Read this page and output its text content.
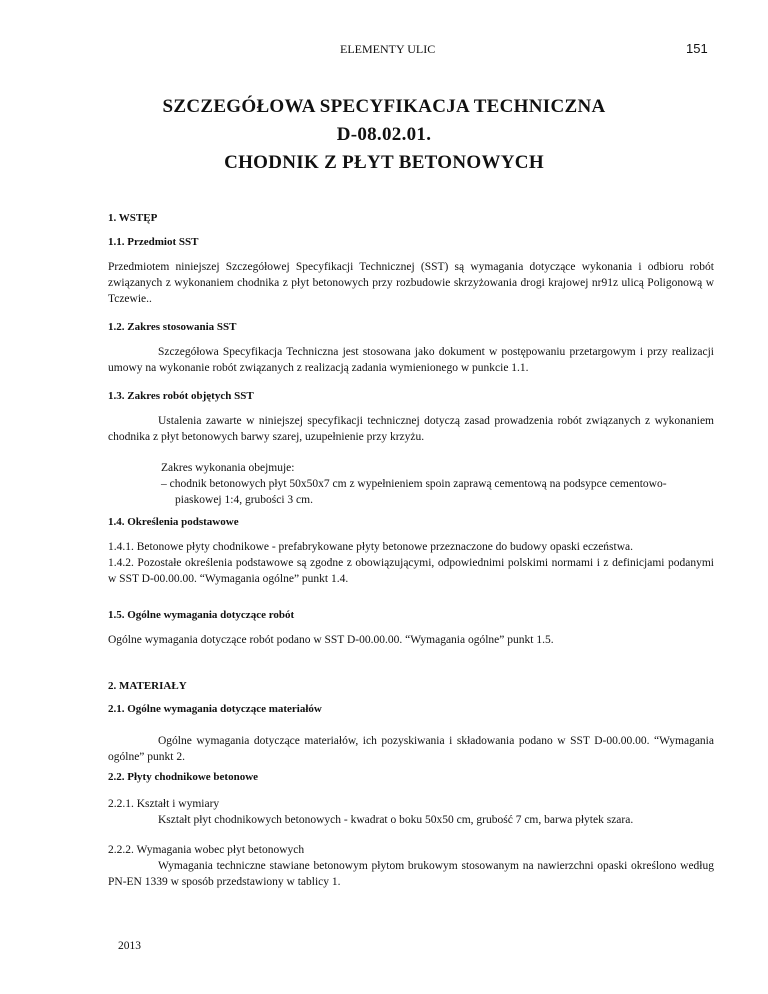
ELEMENTY ULIC	151
SZCZEGÓŁOWA SPECYFIKACJA TECHNICZNA
D-08.02.01.
CHODNIK Z PŁYT BETONOWYCH
1. WSTĘP
1.1. Przedmiot SST
Przedmiotem niniejszej Szczegółowej Specyfikacji Technicznej (SST) są wymagania dotyczące wykonania i odbioru robót związanych z wykonaniem chodnika z płyt betonowych przy rozbudowie skrzyżowania drogi krajowej nr91z ulicą Poligonową w Tczewie..
1.2. Zakres stosowania SST
Szczegółowa Specyfikacja Techniczna jest stosowana jako dokument w postępowaniu przetargowym i przy realizacji umowy na wykonanie robót związanych z realizacją zadania wymienionego w punkcie 1.1.
1.3. Zakres robót objętych SST
Ustalenia zawarte w niniejszej specyfikacji technicznej dotyczą zasad prowadzenia robót związanych z wykonaniem chodnika z płyt betonowych barwy szarej, uzupełnienie przy krzyżu.
Zakres wykonania obejmuje:
– chodnik betonowych płyt 50x50x7 cm z wypełnieniem spoin zaprawą cementową na podsypce cementowo-
piaskowej 1:4, grubości 3 cm.
1.4. Określenia podstawowe
1.4.1. Betonowe płyty chodnikowe - prefabrykowane płyty betonowe przeznaczone do budowy opaski eczeństwa.
1.4.2. Pozostałe określenia podstawowe są zgodne z obowiązującymi, odpowiednimi polskimi normami i z definicjami podanymi w SST D-00.00.00. “Wymagania ogólne” punkt 1.4.
1.5. Ogólne wymagania dotyczące robót
Ogólne wymagania dotyczące robót podano w SST D-00.00.00. “Wymagania ogólne” punkt 1.5.
2. MATERIAŁY
2.1. Ogólne wymagania dotyczące materiałów
Ogólne wymagania dotyczące materiałów, ich pozyskiwania i składowania podano w SST D-00.00.00. “Wymagania ogólne” punkt 2.
2.2. Płyty chodnikowe betonowe
2.2.1. Kształt i wymiary
Kształt płyt chodnikowych betonowych - kwadrat o boku 50x50 cm, grubość 7 cm, barwa płytek szara.
2.2.2. Wymagania wobec płyt betonowych
Wymagania techniczne stawiane betonowym płytom brukowym stosowanym na nawierzchni opaski określono według PN-EN 1339 w sposób przedstawiony w tablicy 1.
2013
